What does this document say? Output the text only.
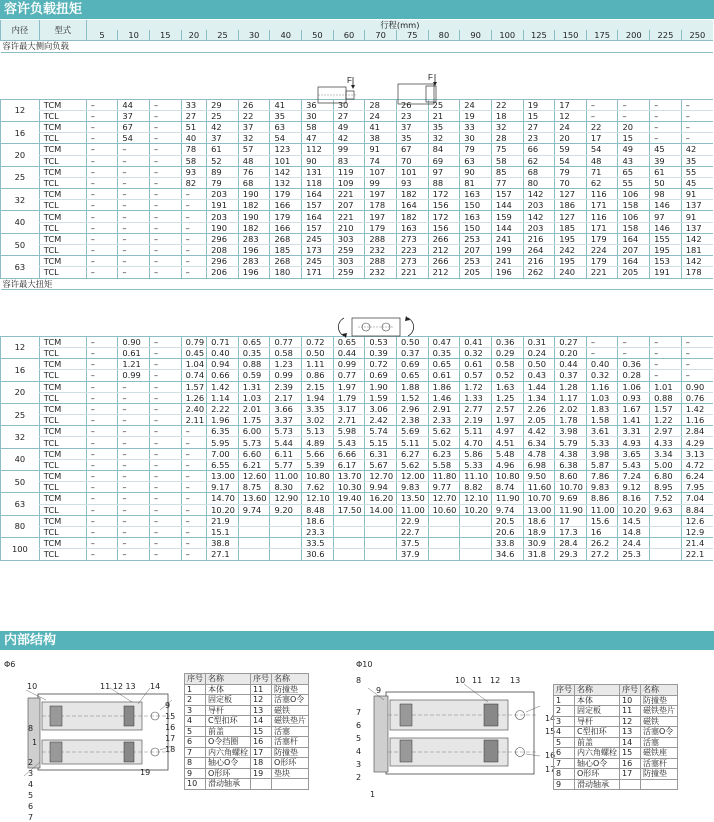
容许负载扭矩
内径	型式	行程(mm)																			
		5	10	15	20	25	30	40	50	60	70	75	80	90	100	125	150	175	200	225	250
容许最大侧向负载																					

12	TCM	–	44	–	33	29	26	41	36	30	28	26	25	24	22	19	17	–	–	–	–
	TCL	–	37	–	27	25	22	35	30	27	24	23	21	19	18	15	12	–	–	–	–
16	TCM	–	67	–	51	42	37	63	58	49	41	37	35	33	32	27	24	22	20	–	–
	TCL	–	54	–	40	37	32	54	47	42	38	35	32	30	28	23	20	17	15	–	–
20	TCM	–	–	–	78	61	57	123	112	99	91	67	84	79	75	66	59	54	49	45	42
	TCL	–	–	–	58	52	48	101	90	83	74	70	69	63	58	62	54	48	43	39	35
25	TCM	–	–	–	93	89	76	142	131	119	107	101	97	90	85	68	79	71	65	61	55
	TCL	–	–	–	82	79	68	132	118	109	99	93	88	81	77	80	70	62	55	50	45
32	TCM	–	–	–	–	203	190	179	164	221	197	182	172	163	157	142	127	116	106	98	91
	TCL	–	–	–	–	191	182	166	157	207	178	164	156	150	144	203	186	171	158	146	137
40	TCM	–	–	–	–	203	190	179	164	221	197	182	172	163	159	142	127	116	106	97	91
	TCL	–	–	–	–	190	182	166	157	210	179	163	156	150	144	203	185	171	158	146	137
50	TCM	–	–	–	–	296	283	268	245	303	288	273	266	253	241	216	195	179	164	155	142
	TCL	–	–	–	–	208	196	185	173	259	232	223	212	207	199	264	242	224	207	195	181
63	TCM	–	–	–	–	296	283	268	245	303	288	273	266	253	241	216	195	179	164	153	142
	TCL	–	–	–	–	206	196	180	171	259	232	221	212	205	196	262	240	221	205	191	178
容许最大扭矩																					

12	TCM	–	0.90	–	0.79	0.71	0.65	0.77	0.72	0.65	0.53	0.50	0.47	0.41	0.36	0.31	0.27	–	–	–	–
	TCL	–	0.61	–	0.45	0.40	0.35	0.58	0.50	0.44	0.39	0.37	0.35	0.32	0.29	0.24	0.20	–	–	–	–
16	TCM	–	1.21	–	1.04	0.94	0.88	1.23	1.11	0.99	0.72	0.69	0.65	0.61	0.58	0.50	0.44	0.40	0.36	–	–
	TCL	–	0.99	–	0.74	0.66	0.59	0.99	0.86	0.77	0.69	0.65	0.61	0.57	0.52	0.43	0.37	0.32	0.28	–	–
20	TCM	–	–	–	1.57	1.42	1.31	2.39	2.15	1.97	1.90	1.88	1.86	1.72	1.63	1.44	1.28	1.16	1.06	1.01	0.90
	TCL	–	–	–	1.26	1.14	1.03	2.17	1.94	1.79	1.59	1.52	1.46	1.33	1.25	1.34	1.17	1.03	0.93	0.88	0.76
25	TCM	–	–	–	2.40	2.22	2.01	3.66	3.35	3.17	3.06	2.96	2.91	2.77	2.57	2.26	2.02	1.83	1.67	1.57	1.42
	TCL	–	–	–	2.11	1.96	1.75	3.37	3.02	2.71	2.42	2.38	2.33	2.19	1.97	2.05	1.78	1.58	1.41	1.22	1.16
32	TCM	–	–	–	–	6.35	6.00	5.73	5.13	5.98	5.74	5.69	5.62	5.11	4.97	4.42	3.98	3.61	3.31	2.97	2.84
	TCL	–	–	–	–	5.95	5.73	5.44	4.89	5.43	5.15	5.11	5.02	4.70	4.51	6.34	5.79	5.33	4.93	4.33	4.29
40	TCM	–	–	–	–	7.00	6.60	6.11	5.66	6.66	6.31	6.27	6.23	5.86	5.48	4.78	4.38	3.98	3.65	3.34	3.13
	TCL	–	–	–	–	6.55	6.21	5.77	5.39	6.17	5.67	5.62	5.58	5.33	4.96	6.98	6.38	5.87	5.43	5.00	4.72
50	TCM	–	–	–	–	13.00	12.60	11.00	10.80	13.70	12.70	12.00	11.80	11.10	10.80	9.50	8.60	7.86	7.24	6.80	6.24
	TCL	–	–	–	–	9.17	8.75	8.30	7.62	10.30	9.94	9.83	9.77	8.82	8.74	11.60	10.70	9.83	9.12	8.95	7.95
63	TCM	–	–	–	–	14.70	13.60	12.90	12.10	19.40	16.20	13.50	12.70	12.10	11.90	10.70	9.69	8.86	8.16	7.52	7.04
	TCL	–	–	–	–	10.20	9.74	9.20	8.48	17.50	14.00	11.00	10.60	10.20	9.74	13.00	11.90	11.00	10.20	9.63	8.84
80	TCM	–	–	–	–	21.9			18.6			22.9			20.5	18.6	17	15.6	14.5		12.6
	TCL	–	–	–	–	15.1			23.3			22.7			20.6	18.9	17.3	16	14.8		12.9
100	TCM	–	–	–	–	38.8			33.5			37.5			33.8	30.9	28.4	26.2	24.4		21.4
	TCL	–	–	–	–	27.1			30.6			37.9			34.6	31.8	29.3	27.2	25.3		22.1
内部结构
Φ6
10	11 12 13 14
1
2
3
4
5
6
7
8
9
15
16
17
18
19
序号	名称	序号	名称
1	本体	11	防撞垫
2	固定板	12	活塞O令
3	导杆	13	磁铁
4	C型扣环	14	磁铁垫片
5	前盖	15	活塞
6	O令挡圈	16	活塞杆
7	内六角螺栓	17	防撞垫
8	轴心O令	18	O形环
9	O形环	19	垫块
10	滑动轴承		
Φ10
8
9
7
6
5
4
3
2
1
10 11 12 13
14
15
16
17
序号	名称	序号	名称
1	本体	10	防撞垫
2	固定板	11	磁铁垫片
3	导杆	12	磁铁
4	C型扣环	13	活塞O令
5	前盖	14	活塞
6	内六角螺栓	15	磁铁座
7	轴心O令	16	活塞杆
8	O形环	17	防撞垫
9	滑动轴承		
F	F
